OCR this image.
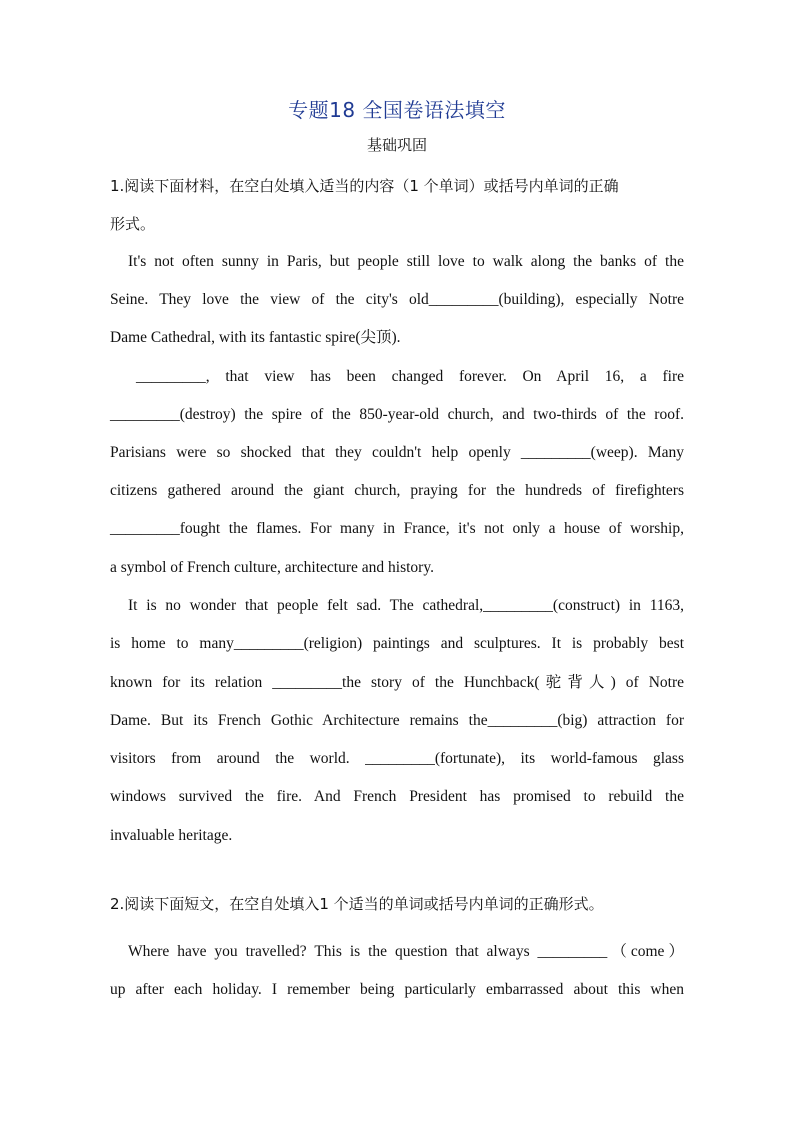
专题18 全国卷语法填空
基础巩固
1.阅读下面材料，在空白处填入适当的内容（1 个单词）或括号内单词的正确
形式。
It's not often sunny in Paris, but people still love to walk along the banks of the
Seine. They love the view of the city's old_________(building), especially Notre
Dame Cathedral, with its fantastic spire(尖顶).
_________, that view has been changed forever. On April 16, a fire
_________(destroy) the spire of the 850-year-old church, and two-thirds of the roof.
Parisians were so shocked that they couldn't help openly _________(weep). Many
citizens gathered around the giant church, praying for the hundreds of firefighters
_________fought the flames. For many in France, it's not only a house of worship,
a symbol of French culture, architecture and history.
It is no wonder that people felt sad. The cathedral,_________(construct) in 1163,
is home to many_________(religion) paintings and sculptures. It is probably best
known for its relation _________the story of the Hunchback(驼背人) of Notre
Dame. But its French Gothic Architecture remains the_________(big) attraction for
visitors from around the world. _________(fortunate), its world-famous glass
windows survived the fire. And French President has promised to rebuild the
invaluable heritage.
2.阅读下面短文，在空自处填入1 个适当的单词或括号内单词的正确形式。
Where have you travelled? This is the question that always _________（come）
up after each holiday. I remember being particularly embarrassed about this when
